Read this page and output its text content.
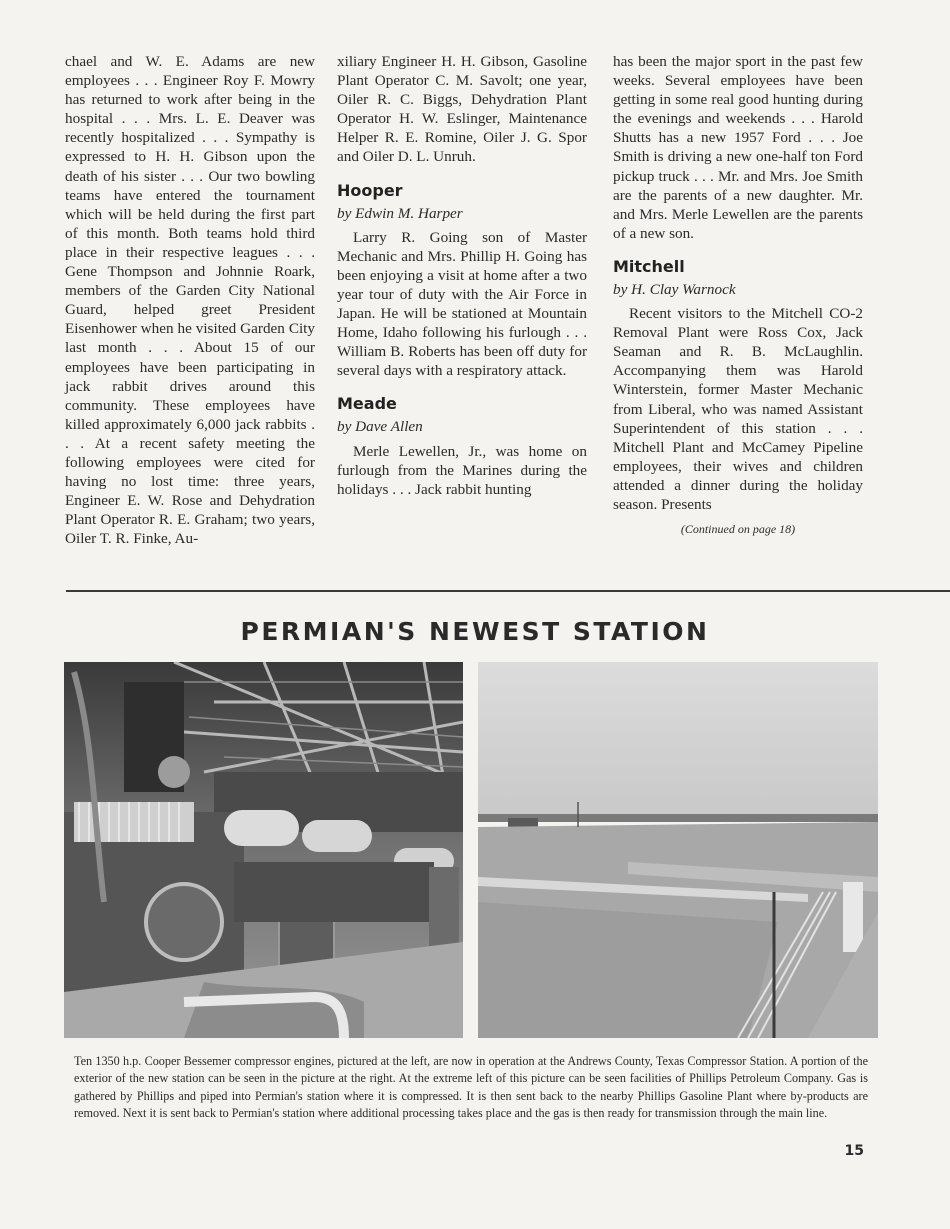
chael and W. E. Adams are new employees . . . Engineer Roy F. Mowry has returned to work after being in the hospital . . . Mrs. L. E. Deaver was recently hospitalized . . . Sympathy is expressed to H. H. Gibson upon the death of his sister . . . Our two bowling teams have entered the tournament which will be held during the first part of this month. Both teams hold third place in their respective leagues . . . Gene Thompson and Johnnie Roark, members of the Garden City National Guard, helped greet President Eisenhower when he visited Garden City last month . . . About 15 of our employees have been participating in jack rabbit drives around this community. These employees have killed approximately 6,000 jack rabbits . . . At a recent safety meeting the following employees were cited for having no lost time: three years, Engineer E. W. Rose and Dehydration Plant Operator R. E. Graham; two years, Oiler T. R. Finke, Au-

xiliary Engineer H. H. Gibson, Gasoline Plant Operator C. M. Savolt; one year, Oiler R. C. Biggs, Dehydration Plant Operator H. W. Eslinger, Maintenance Helper R. E. Romine, Oiler J. G. Spor and Oiler D. L. Unruh.

Hooper
by Edwin M. Harper

Larry R. Going son of Master Mechanic and Mrs. Phillip H. Going has been enjoying a visit at home after a two year tour of duty with the Air Force in Japan. He will be stationed at Mountain Home, Idaho following his furlough . . . William B. Roberts has been off duty for several days with a respiratory attack.

Meade
by Dave Allen

Merle Lewellen, Jr., was home on furlough from the Marines during the holidays . . . Jack rabbit hunting

has been the major sport in the past few weeks. Several employees have been getting in some real good hunting during the evenings and weekends . . . Harold Shutts has a new 1957 Ford . . . Joe Smith is driving a new one-half ton Ford pickup truck . . . Mr. and Mrs. Joe Smith are the parents of a new daughter. Mr. and Mrs. Merle Lewellen are the parents of a new son.

Mitchell
by H. Clay Warnock

Recent visitors to the Mitchell CO-2 Removal Plant were Ross Cox, Jack Seaman and R. B. McLaughlin. Accompanying them was Harold Winterstein, former Master Mechanic from Liberal, who was named Assistant Superintendent of this station . . . Mitchell Plant and McCamey Pipeline employees, their wives and children attended a dinner during the holiday season. Presents

(Continued on page 18)
PERMIAN'S NEWEST STATION

Ten 1350 h.p. Cooper Bessemer compressor engines, pictured at the left, are now in operation at the Andrews County, Texas Compressor Station. A portion of the exterior of the new station can be seen in the picture at the right. At the extreme left of this picture can be seen facilities of Phillips Petroleum Company. Gas is gathered by Phillips and piped into Permian's station where it is compressed. It is then sent back to the nearby Phillips Gasoline Plant where by-products are removed. Next it is sent back to Permian's station where additional processing takes place and the gas is then ready for transmission through the main line.

15
